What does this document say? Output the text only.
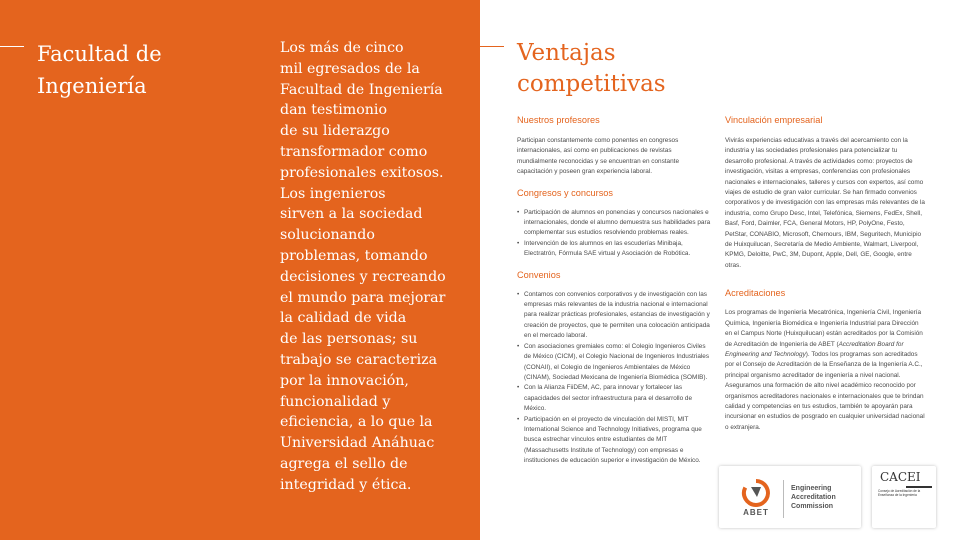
Facultad de
Ingeniería

Los más de cinco
mil egresados de la
Facultad de Ingeniería
dan testimonio
de su liderazgo
transformador como
profesionales exitosos.
Los ingenieros
sirven a la sociedad
solucionando
problemas, tomando
decisiones y recreando
el mundo para mejorar
la calidad de vida
de las personas; su
trabajo se caracteriza
por la innovación,
funcionalidad y
eficiencia, a lo que la
Universidad Anáhuac
agrega el sello de
integridad y ética.

Ventajas
competitivas
Nuestros profesores

Participan constantemente como ponentes en congresos internacionales, así como en publicaciones de revistas mundialmente reconocidas y se encuentran en constante capacitación y poseen gran experiencia laboral.

Congresos y concursos
• Participación de alumnos en ponencias y concursos nacionales e internacionales, donde el alumno demuestra sus habilidades para complementar sus estudios resolviendo problemas reales.
• Intervención de los alumnos en las escuderías Minibaja, Electratrón, Fórmula SAE virtual y Asociación de Robótica.
Convenios
• Contamos con convenios corporativos y de investigación con las empresas más relevantes de la industria nacional e internacional para realizar prácticas profesionales, estancias de investigación y creación de proyectos, que te permiten una colocación anticipada en el mercado laboral.
• Con asociaciones gremiales como: el Colegio Ingenieros Civiles de México (CICM), el Colegio Nacional de Ingenieros Industriales (CONAII), el Colegio de Ingenieros Ambientales de México (CINAM), Sociedad Mexicana de Ingeniería Biomédica (SOMIB).
• Con la Alianza FiiDEM, AC, para innovar y fortalecer las capacidades del sector infraestructura para el desarrollo de México.
• Participación en el proyecto de vinculación del MISTI, MIT International Science and Technology Initiatives, programa que busca estrechar vínculos entre estudiantes de MIT (Massachusetts Institute of Technology) con empresas e instituciones de educación superior e investigación de México.
Vinculación empresarial

Vivirás experiencias educativas a través del acercamiento con la industria y las sociedades profesionales para potencializar tu desarrollo profesional. A través de actividades como: proyectos de investigación, visitas a empresas, conferencias con profesionales nacionales e internacionales, talleres y cursos con expertos, así como viajes de estudio de gran valor curricular. Se han firmado convenios corporativos y de investigación con las empresas más relevantes de la industria, como Grupo Desc, Intel, Telefónica, Siemens, FedEx, Shell, Basf, Ford, Daimler, FCA, General Motors, HP, PolyOne, Festo, PetStar, CONABIO, Microsoft, Chemours, IBM, Seguritech, Municipio de Huixquilucan, Secretaría de Medio Ambiente, Walmart, Liverpool, KPMG, Deloitte, PwC, 3M, Dupont, Apple, Dell, GE, Google, entre otras.

Acreditaciones

Los programas de Ingeniería Mecatrónica, Ingeniería Civil, Ingeniería Química, Ingeniería Biomédica e Ingeniería Industrial para Dirección en el Campus Norte (Huixquilucan) están acreditados por la Comisión de Acreditación de Ingeniería de ABET (Accreditation Board for Engineering and Technology). Todos los programas son acreditados por el Consejo de Acreditación de la Enseñanza de la Ingeniería A.C., principal organismo acreditador de ingeniería a nivel nacional. Aseguramos una formación de alto nivel académico reconocido por organismos acreditadores nacionales e internacionales que te brindan calidad y competencias en tus estudios, también te apoyarán para incursionar en estudios de posgrado en cualquier universidad nacional o extranjera.

ABET
Engineering
Accreditation
Commission
CACEI
Consejo de Acreditación de la Enseñanza de la Ingeniería
